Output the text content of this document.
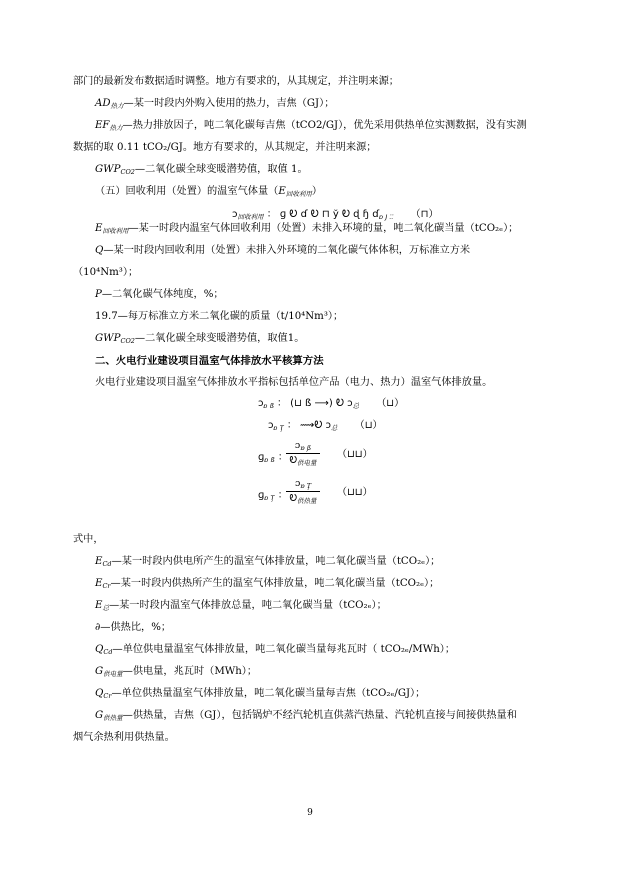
部门的最新发布数据适时调整。地方有要求的，从其规定，并注明来源；
$AD_{热力}—$某一时段内外购入使用的热力，吉焦（GJ）；
$EF_{热力}—$热力排放因子，吨二氧化碳每吉焦（tCO2/GJ），优先采用供热单位实测数据，没有实测
数据的取 0.11 tCO₂/GJ。地方有要求的，从其规定，并注明来源；
$GWP_{CO2}—$二氧化碳全球变暖潜势值，取值 1。
（五）回收利用（处置）的温室气体量$(E_{回收利用})$
ɔ$_{回收利用}$ ： ɡ Ꭷ ɗ Ꭷ ⊓ ў Ꭷ ɖ ɧ ɗ$_{ɒ J ⁚⁚}$ （⊓）
$E_{回收利用}—$某一时段内温室气体回收利用（处置）未排入环境的量，吨二氧化碳当量（tCO₂ₑ）；
Q—某一时段内回收利用（处置）未排入外环境的二氧化碳气体体积，万标准立方米
（10⁴Nm³）；
P—二氧化碳气体纯度，%；
19.7—每万标准立方米二氧化碳的质量（t/10⁴Nm³）；
$GWP_{CO2}—$二氧化碳全球变暖潜势值，取值1。
二、火电行业建设项目温室气体排放水平核算方法
火电行业建设项目温室气体排放水平指标包括单位产品（电力、热力）温室气体排放量。
ɔ$_{ɒ ß}$ ： (⊔ ß ⟶) Ꭷ ɔ$_总$ （⊔）
ɔ$_{ɒ Ţ}$ ： ⟿Ꭷ ɔ$_总$ （⊔）
ɡ$_{ɒ ß}$ ：
ɔ$_{ɒ ß}$
Ꭷ$_{供电量}$
（⊔⊔）
ɡ$_{ɒ Ţ}$ ：
ɔ$_{ɒ Ţ}$
Ꭷ$_{供热量}$
（⊔⊔）
式中，
$E_{Cd}—$某一时段内供电所产生的温室气体排放量，吨二氧化碳当量（tCO₂ₑ）；
$E_{Cr}—$某一时段内供热所产生的温室气体排放量，吨二氧化碳当量（tCO₂ₑ）；
$E_总—$某一时段内温室气体排放总量，吨二氧化碳当量（tCO₂ₑ）；
∂—供热比，%；
$Q_{Cd}—$单位供电量温室气体排放量，吨二氧化碳当量每兆瓦时（ tCO₂ₑ/MWh）；
$G_{供电量}—$供电量，兆瓦时（MWh）；
$Q_{Cr}—$单位供热量温室气体排放量，吨二氧化碳当量每吉焦（tCO₂ₑ/GJ）；
$G_{供热量}—$供热量，吉焦（GJ），包括锅炉不经汽轮机直供蒸汽热量、汽轮机直接与间接供热量和
烟气余热利用供热量。
9
